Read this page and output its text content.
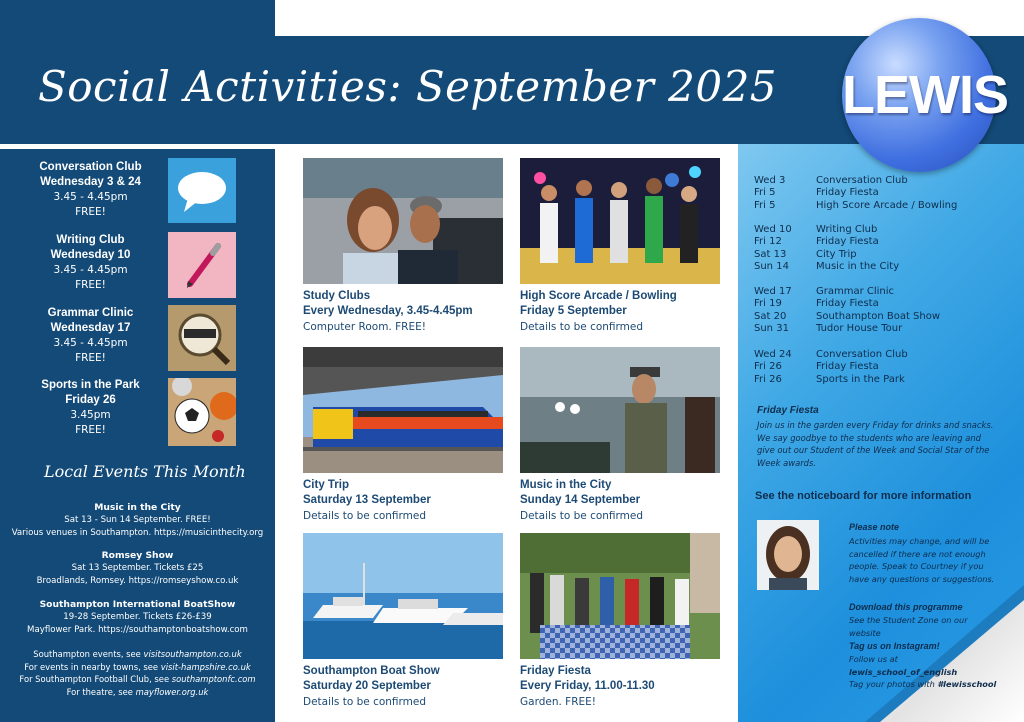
Social Activities: September 2025 LEWIS
Conversation Club
Wednesday 3 & 24
3.45 - 4.45pm
FREE!
Writing Club
Wednesday 10
3.45 - 4.45pm
FREE!
Grammar Clinic
Wednesday 17
3.45 - 4.45pm
FREE!
Sports in the Park
Friday 26
3.45pm
FREE!
Local Events This Month
Music in the City
Sat 13 - Sun 14 September. FREE!
Various venues in Southampton. https://musicinthecity.org
Romsey Show
Sat 13 September. Tickets £25
Broadlands, Romsey. https://romseyshow.co.uk
Southampton International BoatShow
19-28 September. Tickets £26-£39
Mayflower Park. https://southamptonboatshow.com
Southampton events, see visitsouthampton.co.uk
For events in nearby towns, see visit-hampshire.co.uk
For Southampton Football Club, see southamptonfc.com
For theatre, see mayflower.org.uk
Study Clubs
Every Wednesday, 3.45-4.45pm
Computer Room. FREE!
High Score Arcade / Bowling
Friday 5 September
Details to be confirmed
City Trip
Saturday 13 September
Details to be confirmed
Music in the City
Sunday 14 September
Details to be confirmed
Southampton Boat Show
Saturday 20 September
Details to be confirmed
Friday Fiesta
Every Friday, 11.00-11.30
Garden. FREE!
Wed 3	Conversation Club
Fri 5	Friday Fiesta
Fri 5	High Score Arcade / Bowling
Wed 10	Writing Club
Fri 12	Friday Fiesta
Sat 13	City Trip
Sun 14	Music in the City
Wed 17	Grammar Clinic
Fri 19	Friday Fiesta
Sat 20	Southampton Boat Show
Sun 31	Tudor House Tour
Wed 24	Conversation Club
Fri 26	Friday Fiesta
Fri 26	Sports in the Park
Friday Fiesta
Join us in the garden every Friday for drinks and snacks. We say goodbye to the students who are leaving and give out our Student of the Week and Social Star of the Week awards.
See the noticeboard for more information
Please note
Activities may change, and will be cancelled if there are not enough people. Speak to Courtney if you have any questions or suggestions.
Download this programme
See the Student Zone on our website
Tag us on Instagram!
Follow us at lewis_school_of_english
Tag your photos with #lewisschool
